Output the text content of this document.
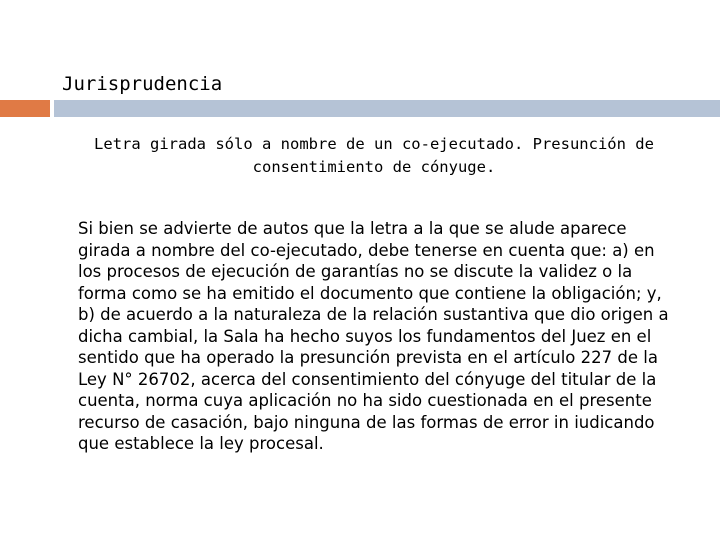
Jurisprudencia
Letra girada sólo a nombre de un co-ejecutado. Presunción de consentimiento de cónyuge.
Si bien se advierte de autos que la letra a la que se alude aparece girada a nombre del co-ejecutado, debe tenerse en cuenta que: a) en los procesos de ejecución de garantías no se discute la validez o la forma como se ha emitido el documento que contiene la obligación; y, b) de acuerdo a la naturaleza de la relación sustantiva que dio origen a dicha cambial, la Sala ha hecho suyos los fundamentos del Juez en el sentido que ha operado la presunción prevista en el artículo 227 de la Ley N° 26702, acerca del consentimiento del cónyuge del titular de la cuenta, norma cuya aplicación no ha sido cuestionada en el presente recurso de casación, bajo ninguna de las formas de error in iudicando que establece la ley procesal.
